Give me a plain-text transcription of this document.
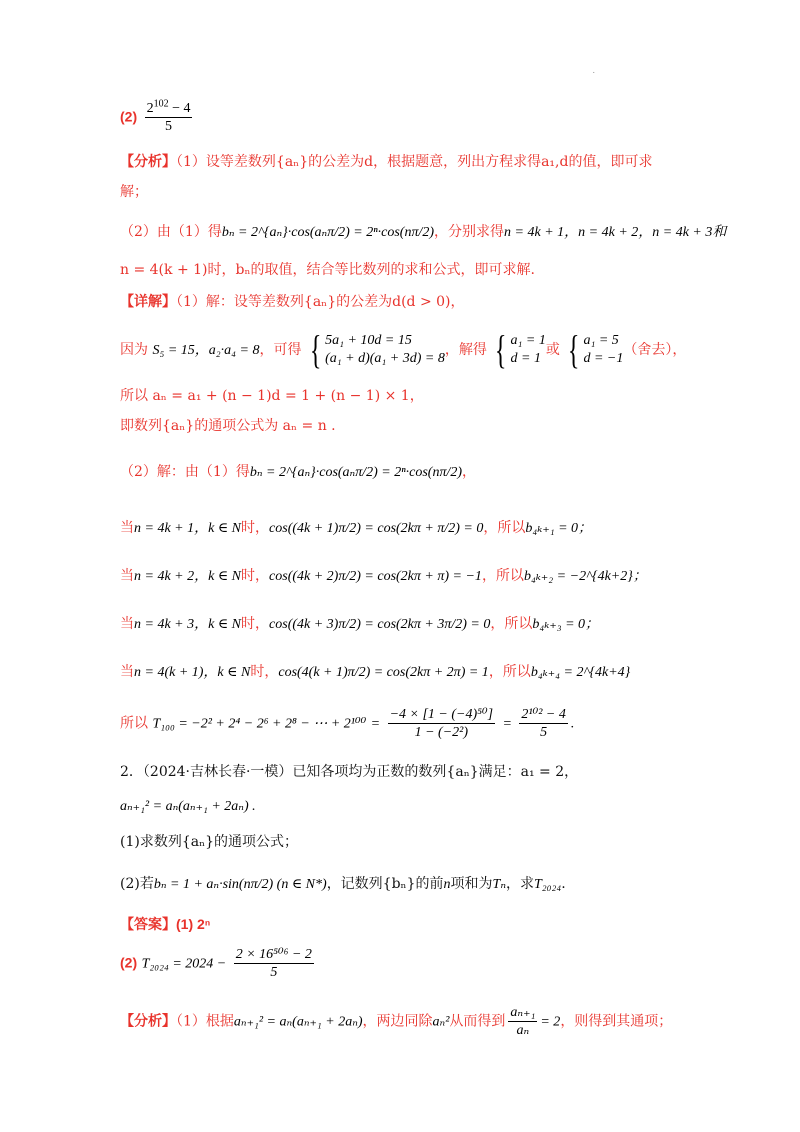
.
$(2) \frac{2^{102} - 4}{5}$
【分析】（1）设等差数列{aₙ}的公差为d，根据题意，列出方程求得a₁,d的值，即可求
解；
（2）由（1）得bₙ = 2^{aₙ}·cos(aₙπ/2) = 2ⁿ·cos(nπ/2)，分别求得n = 4k + 1，n = 4k + 2，n = 4k + 3和
n = 4(k + 1)时，bₙ的取值，结合等比数列的求和公式，即可求解.
【详解】（1）解：设等差数列{aₙ}的公差为d(d > 0)，
因为 S₅ = 15，a₂·a₄ = 8，可得 { 5a₁ + 10d = 15
(a₁ + d)(a₁ + 3d) = 8
，解得 { a₁ = 1
d = 1
或 { a₁ = 5
d = −1
（舍去），
所以 aₙ = a₁ + (n − 1)d = 1 + (n − 1) × 1，
即数列{aₙ}的通项公式为 aₙ = n .
（2）解：由（1）得bₙ = 2^{aₙ}·cos(aₙπ/2) = 2ⁿ·cos(nπ/2)，
当n = 4k + 1，k ∈ N时，cos((4k + 1)π/2) = cos(2kπ + π/2) = 0，所以b₄ₖ₊₁ = 0；
当n = 4k + 2，k ∈ N时，cos((4k + 2)π/2) = cos(2kπ + π) = −1，所以b₄ₖ₊₂ = −2^{4k+2}；
当n = 4k + 3，k ∈ N时，cos((4k + 3)π/2) = cos(2kπ + 3π/2) = 0，所以b₄ₖ₊₃ = 0；
当n = 4(k + 1)，k ∈ N时，cos(4(k + 1)π/2) = cos(2kπ + 2π) = 1，所以b₄ₖ₊₄ = 2^{4k+4}
所以 T₁₀₀ = −2² + 2⁴ − 2⁶ + 2⁸ − ⋯ + $2^{100} = \frac{\text{−4 × [1 − (−4)⁵⁰]}}{\text{1 − (−2²)}} = \frac{\text{2¹⁰² − 4}}{5}$ .
2．（2024·吉林长春·一模）已知各项均为正数的数列{aₙ}满足：a₁ = 2，
aₙ₊₁² = aₙ(aₙ₊₁ + 2aₙ) .
(1)求数列{aₙ}的通项公式；
(2)若bₙ = 1 + aₙ·sin(nπ/2) (n ∈ N*)，记数列{bₙ}的前n项和为Tₙ，求T₂₀₂₄.
【答案】(1) 2ⁿ
(2) $T_{2024} = 2024 - \frac{\text{2 × 16⁵⁰⁶ − 2}}{5}$
【分析】（1）根据aₙ₊₁² = aₙ(aₙ₊₁ + 2aₙ)，两边同除aₙ²从而得到 $\frac{\text{aₙ₊₁}}{\text{aₙ}} = 2$，则得到其通项；
